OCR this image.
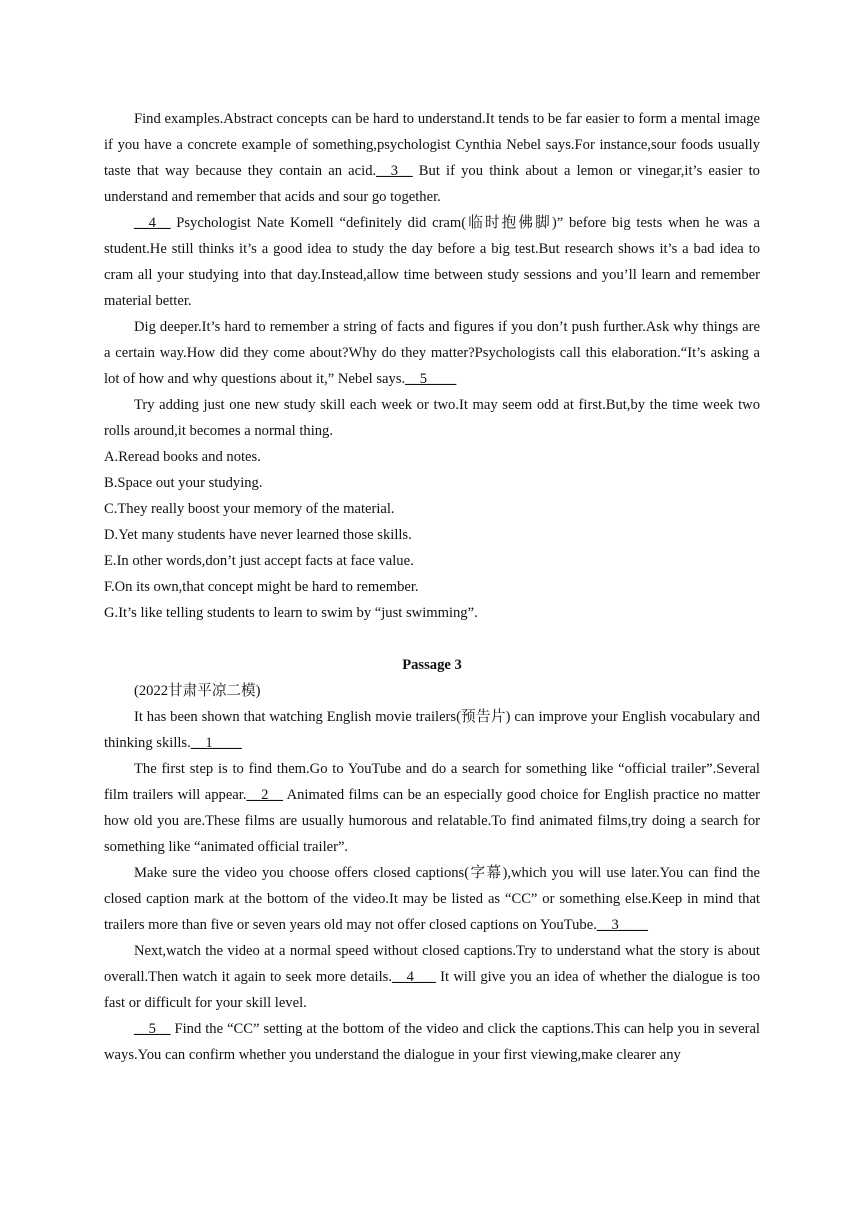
Find examples.Abstract concepts can be hard to understand.It tends to be far easier to form a mental image if you have a concrete example of something,psychologist Cynthia Nebel says.For instance,sour foods usually taste that way because they contain an acid.__3__ But if you think about a lemon or vinegar,it’s easier to understand and remember that acids and sour go together.

__4__ Psychologist Nate Komell “definitely did cram(临时抱佛脚)” before big tests when he was a student.He still thinks it’s a good idea to study the day before a big test.But research shows it’s a bad idea to cram all your studying into that day.Instead,allow time between study sessions and you’ll learn and remember material better.

Dig deeper.It’s hard to remember a string of facts and figures if you don’t push further.Ask why things are a certain way.How did they come about?Why do they matter?Psychologists call this elaboration.“It’s asking a lot of how and why questions about it,” Nebel says.__5____

Try adding just one new study skill each week or two.It may seem odd at first.But,by the time week two rolls around,it becomes a normal thing.

A.Reread books and notes.

B.Space out your studying.

C.They really boost your memory of the material.

D.Yet many students have never learned those skills.

E.In other words,don’t just accept facts at face value.

F.On its own,that concept might be hard to remember.

G.It’s like telling students to learn to swim by “just swimming”.

Passage 3

(2022甘肃平凉二模)

It has been shown that watching English movie trailers(预告片) can improve your English vocabulary and thinking skills.__1____

The first step is to find them.Go to YouTube and do a search for something like “official trailer”.Several film trailers will appear.__2__ Animated films can be an especially good choice for English practice no matter how old you are.These films are usually humorous and relatable.To find animated films,try doing a search for something like “animated official trailer”.

Make sure the video you choose offers closed captions(字幕),which you will use later.You can find the closed caption mark at the bottom of the video.It may be listed as “CC” or something else.Keep in mind that trailers more than five or seven years old may not offer closed captions on YouTube.__3____

Next,watch the video at a normal speed without closed captions.Try to understand what the story is about overall.Then watch it again to seek more details.__4___ It will give you an idea of whether the dialogue is too fast or difficult for your skill level.

__5__ Find the “CC” setting at the bottom of the video and click the captions.This can help you in several ways.You can confirm whether you understand the dialogue in your first viewing,make clearer any
